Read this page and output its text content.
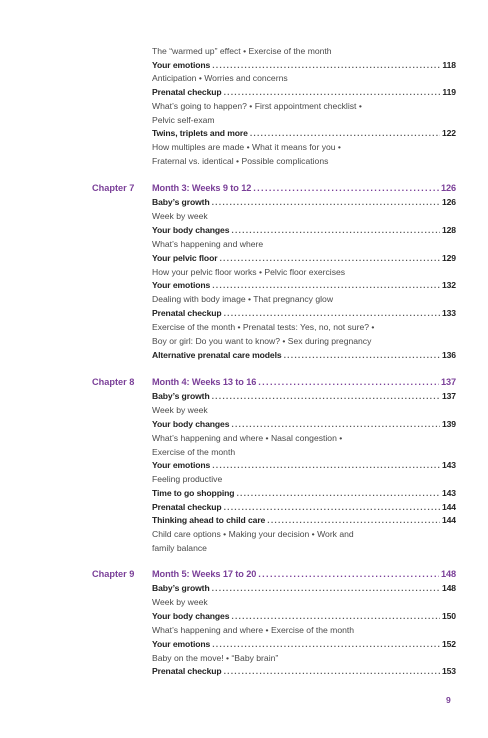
The “warmed up” effect • Exercise of the month
Your emotions . . .	118
Anticipation • Worries and concerns
Prenatal checkup . . .	119
What’s going to happen? • First appointment checklist •
Pelvic self-exam
Twins, triplets and more . . .	122
How multiples are made • What it means for you •
Fraternal vs. identical • Possible complications
Chapter 7 Month 3: Weeks 9 to 12 . . .	126
Baby’s growth . . .	126
Week by week
Your body changes . . .	128
What’s happening and where
Your pelvic floor . . .	129
How your pelvic floor works • Pelvic floor exercises
Your emotions . . .	132
Dealing with body image • That pregnancy glow
Prenatal checkup . . .	133
Exercise of the month • Prenatal tests: Yes, no, not sure? •
Boy or girl: Do you want to know? • Sex during pregnancy
Alternative prenatal care models . . .	136
Chapter 8 Month 4: Weeks 13 to 16 . . .	137
Baby’s growth . . .	137
Week by week
Your body changes . . .	139
What’s happening and where • Nasal congestion •
Exercise of the month
Your emotions . . .	143
Feeling productive
Time to go shopping . . .	143
Prenatal checkup . . .	144
Thinking ahead to child care . . .	144
Child care options • Making your decision • Work and
family balance
Chapter 9 Month 5: Weeks 17 to 20 . . .	148
Baby’s growth . . .	148
Week by week
Your body changes . . .	150
What’s happening and where • Exercise of the month
Your emotions . . .	152
Baby on the move! • “Baby brain”
Prenatal checkup . . .	153
9
